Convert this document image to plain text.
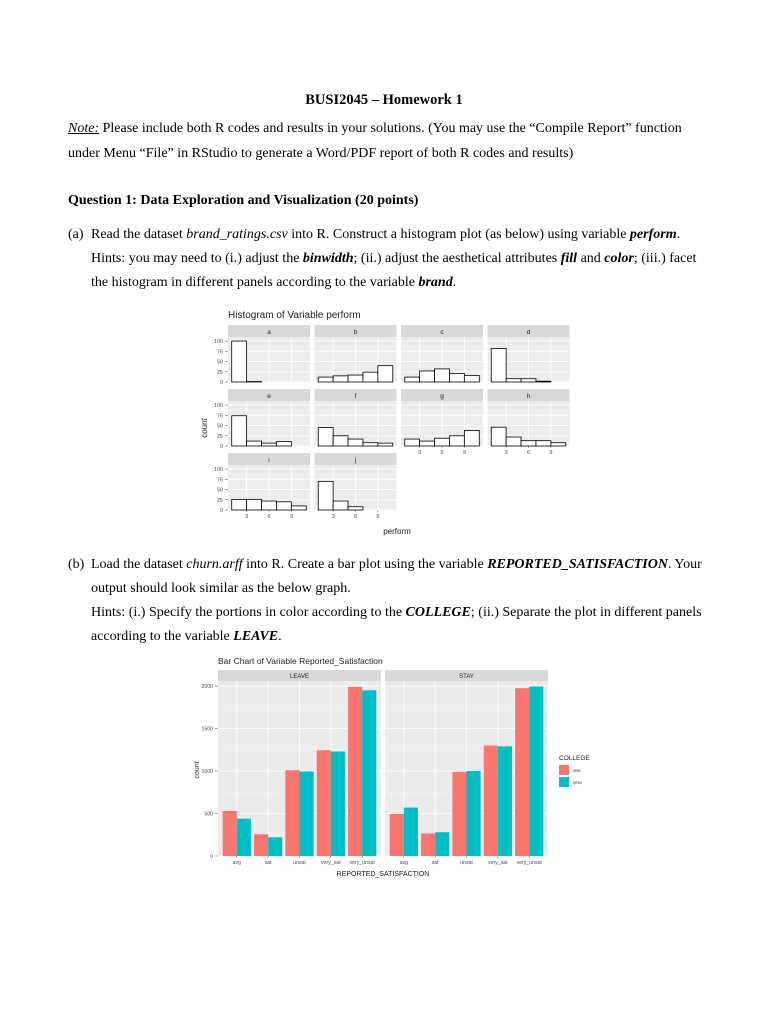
BUSI2045 – Homework 1
Note: Please include both R codes and results in your solutions. (You may use the “Compile Report” function
under Menu “File” in RStudio to generate a Word/PDF report of both R codes and results)
Question 1: Data Exploration and Visualization (20 points)
(a) Read the dataset brand_ratings.csv into R. Construct a histogram plot (as below) using variable perform.
Hints: you may need to (i.) adjust the binwidth; (ii.) adjust the aesthetical attributes fill and color; (iii.) facet
the histogram in different panels according to the variable brand.
Histogram of Variable perform
a
0
25
50
75
100
b	c	d
e
0
25
50
75
100
f	g
3	6	9
h
3	6	9
i
0
25
50
75
100
3	6	9
j
3	6	9
count
perform
Bar Chart of Variable Reported_Satisfaction
LEAVE
avg	sat	unsat	very_sat very_unsat
0
500
1000
1500
2000
STAY
avg	sat	unsat	very_sat very_unsat
count
REPORTED_SATISFACTION
COLLEGE
one
zero
(b) Load the dataset churn.arff into R. Create a bar plot using the variable REPORTED_SATISFACTION. Your
output should look similar as the below graph.
Hints: (i.) Specify the portions in color according to the COLLEGE; (ii.) Separate the plot in different panels
according to the variable LEAVE.
